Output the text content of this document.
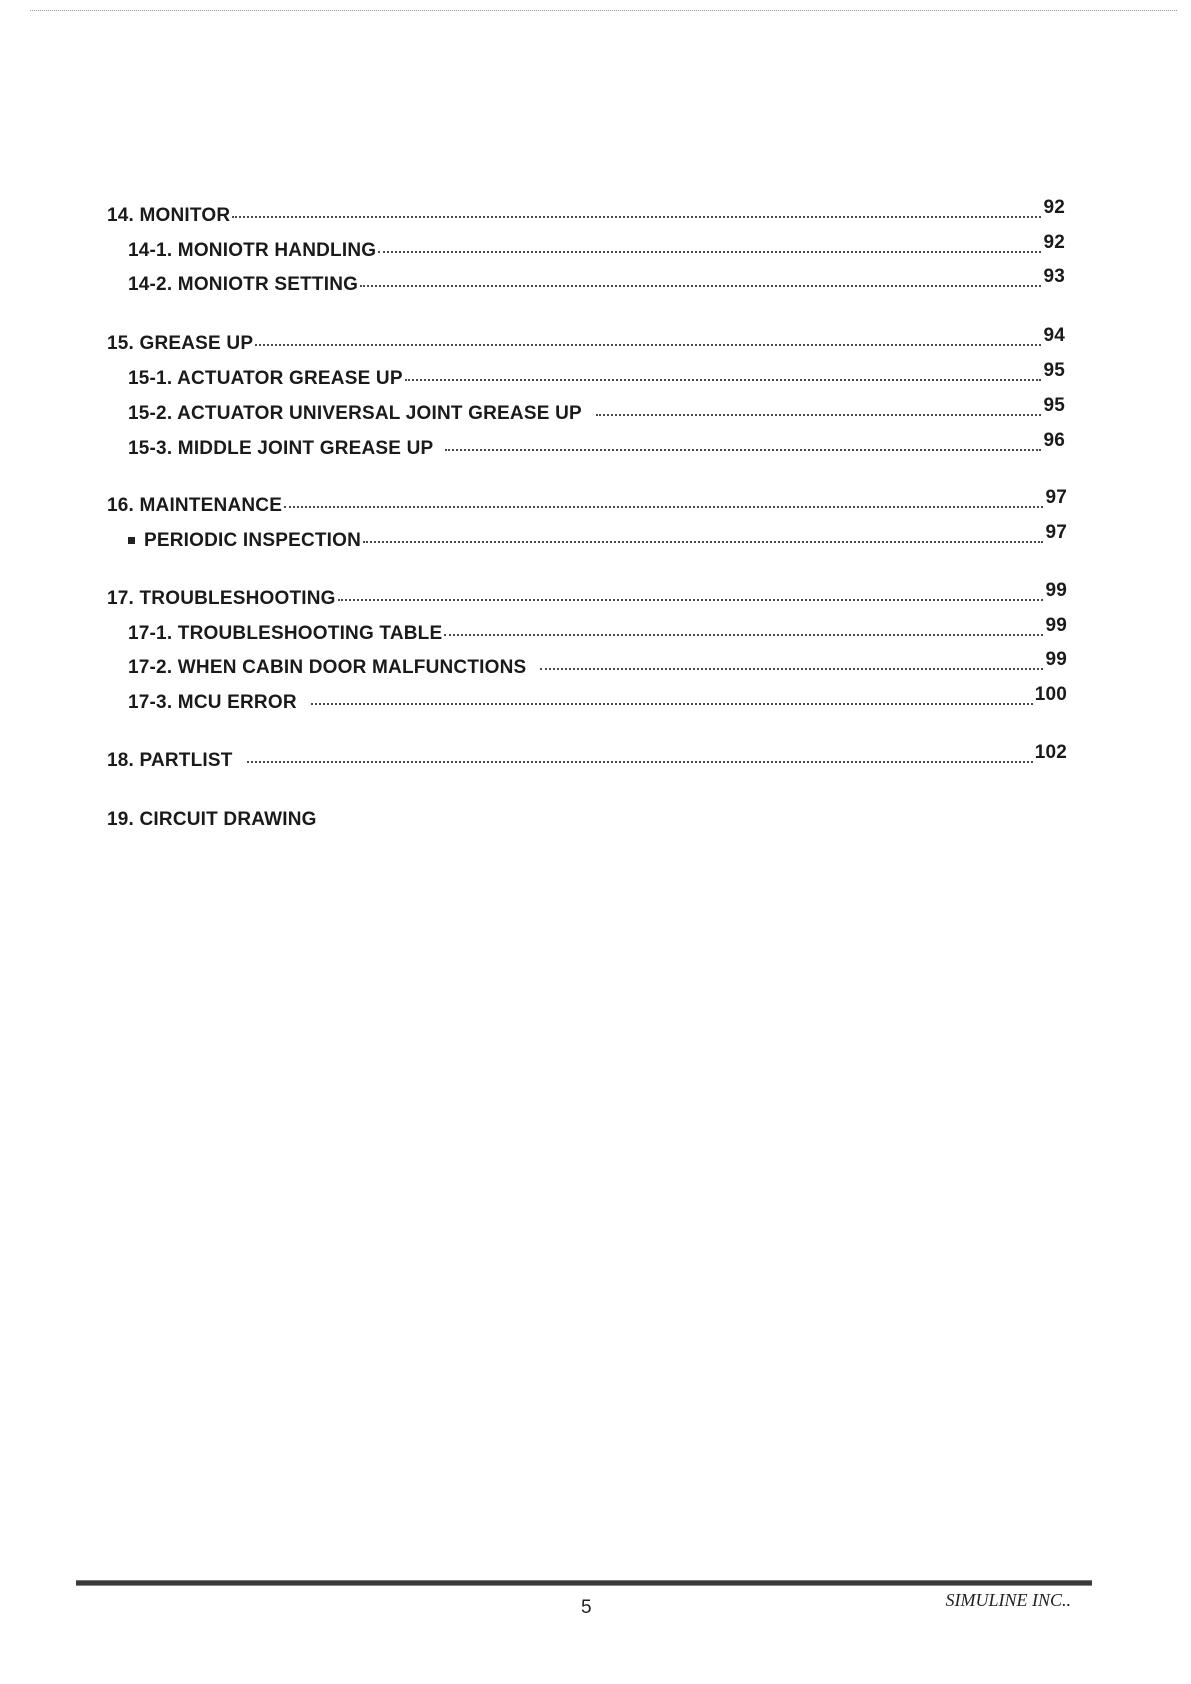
14. MONITOR	92
14-1. MONIOTR HANDLING	92
14-2. MONIOTR SETTING	93
15. GREASE UP	94
15-1. ACTUATOR GREASE UP	95
15-2. ACTUATOR UNIVERSAL JOINT GREASE UP	95
15-3. MIDDLE JOINT GREASE UP	96
16. MAINTENANCE	97
PERIODIC INSPECTION	97
17. TROUBLESHOOTING	99
17-1. TROUBLESHOOTING TABLE	99
17-2. WHEN CABIN DOOR MALFUNCTIONS	99
17-3. MCU ERROR	100
18. PARTLIST	102
19. CIRCUIT DRAWING
5	SIMULINE INC..
